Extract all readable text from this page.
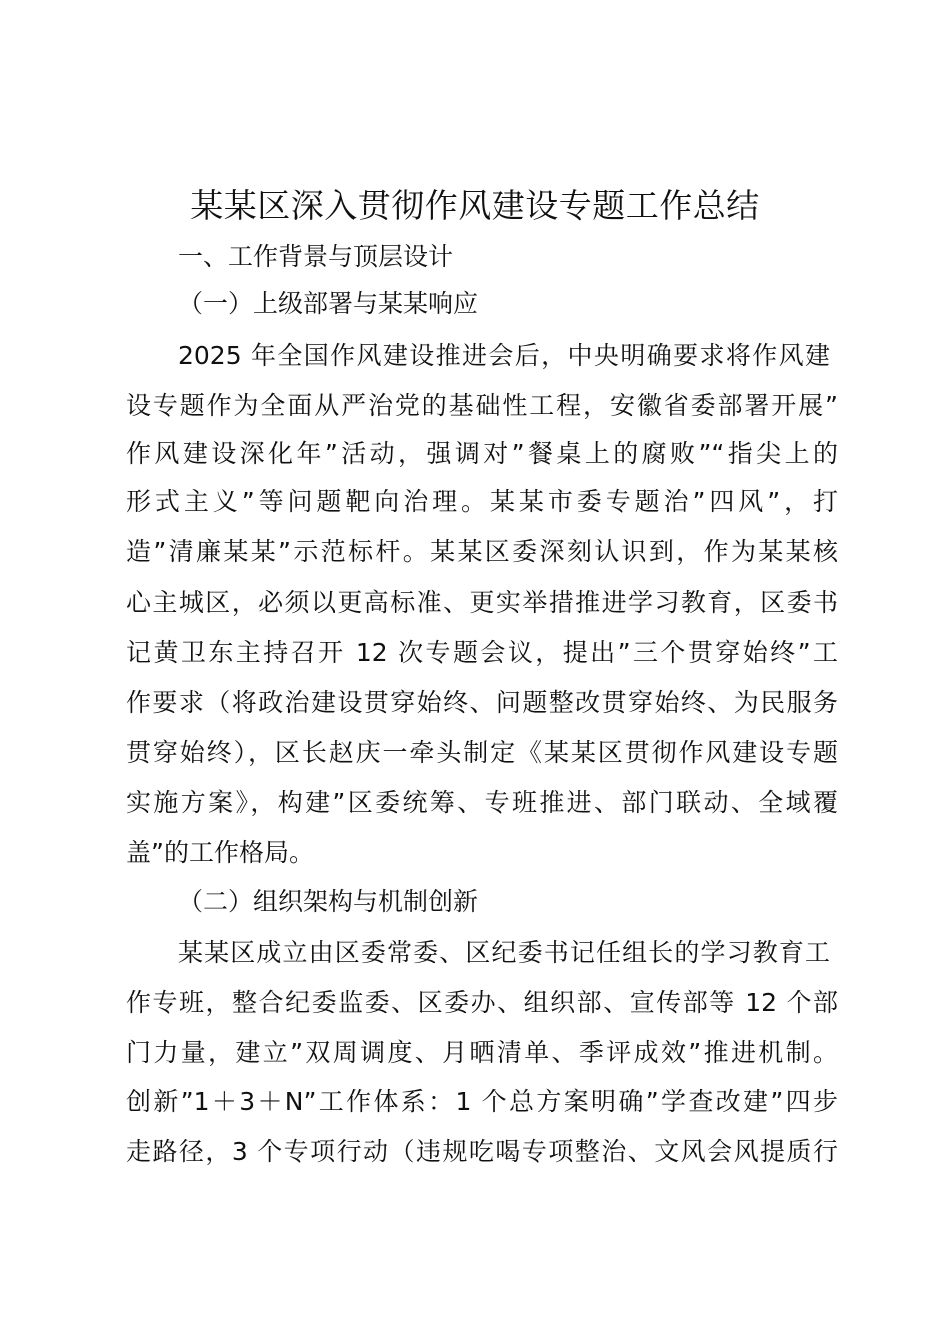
某某区深入贯彻作风建设专题工作总结
一、工作背景与顶层设计
（一）上级部署与某某响应
2025 年全国作风建设推进会后，中央明确要求将作风建
设专题作为全面从严治党的基础性工程，安徽省委部署开展”
作风建设深化年”活动，强调对”餐桌上的腐败”“指尖上的
形式主义”等问题靶向治理。某某市委专题治”四风”，打
造”清廉某某”示范标杆。某某区委深刻认识到，作为某某核
心主城区，必须以更高标准、更实举措推进学习教育，区委书
记黄卫东主持召开 12 次专题会议，提出”三个贯穿始终”工
作要求（将政治建设贯穿始终、问题整改贯穿始终、为民服务
贯穿始终），区长赵庆一牵头制定《某某区贯彻作风建设专题
实施方案》，构建”区委统筹、专班推进、部门联动、全域覆
盖”的工作格局。
（二）组织架构与机制创新
某某区成立由区委常委、区纪委书记任组长的学习教育工
作专班，整合纪委监委、区委办、组织部、宣传部等 12 个部
门力量，建立”双周调度、月晒清单、季评成效”推进机制。
创新”1＋3＋N”工作体系：1 个总方案明确”学查改建”四步
走路径，3 个专项行动（违规吃喝专项整治、文风会风提质行
